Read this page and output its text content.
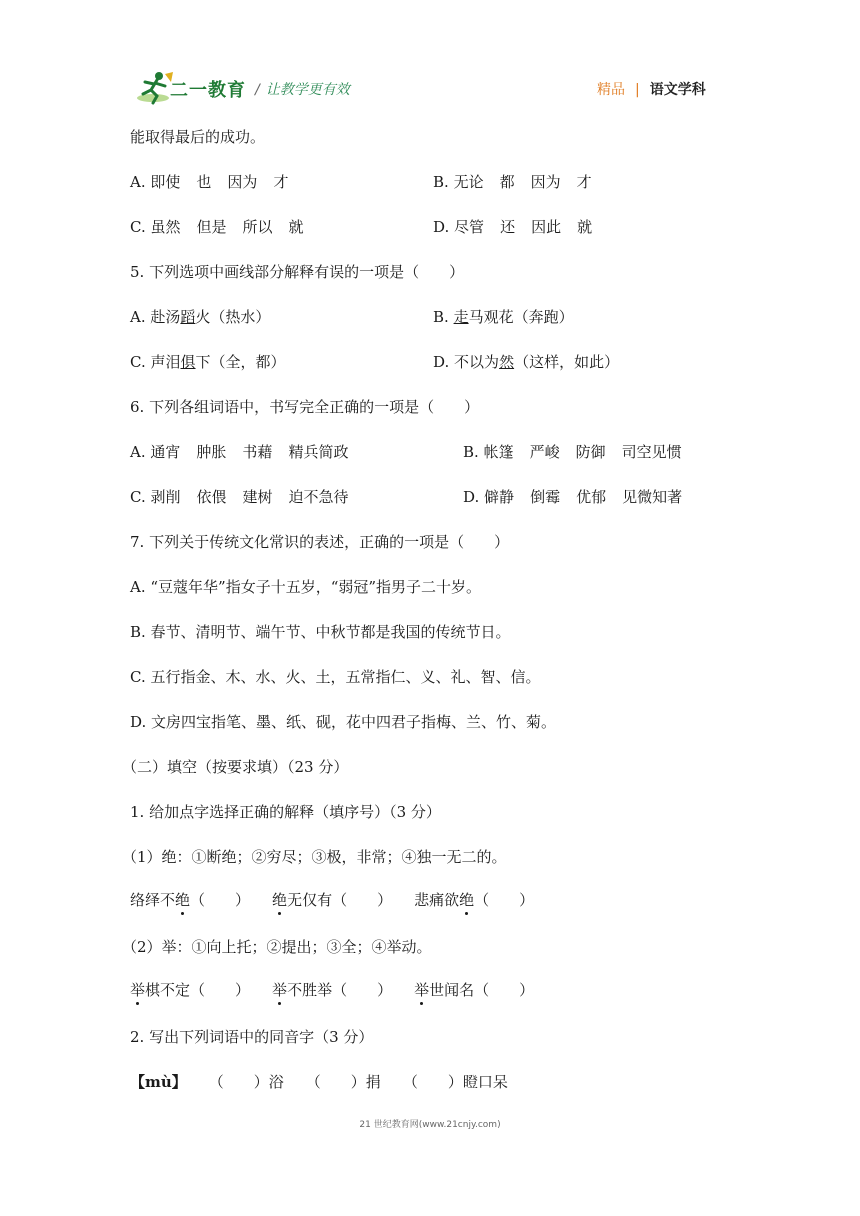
二一教育 / 让教学更有效	精品 | 语文学科
能取得最后的成功。
A. 即使 也 因为 才	B. 无论 都 因为 才
C. 虽然 但是 所以 就	D. 尽管 还 因此 就
5. 下列选项中画线部分解释有误的一项是（　　）
A. 赴汤蹈火（热水）	B. 走马观花（奔跑）
C. 声泪俱下（全，都）	D. 不以为然（这样，如此）
6. 下列各组词语中，书写完全正确的一项是（　　）
A. 通宵 肿胀 书藉 精兵简政	B. 帐篷 严峻 防御 司空见惯
C. 剥削 依偎 建树 迫不急待	D. 僻静 倒霉 优郁 见微知著
7. 下列关于传统文化常识的表述，正确的一项是（　　）
A. “豆蔻年华”指女子十五岁，“弱冠”指男子二十岁。
B. 春节、清明节、端午节、中秋节都是我国的传统节日。
C. 五行指金、木、水、火、土，五常指仁、义、礼、智、信。
D. 文房四宝指笔、墨、纸、砚，花中四君子指梅、兰、竹、菊。
（二）填空（按要求填）（23 分）
1. 给加点字选择正确的解释（填序号）（3 分）
（1）绝：①断绝；②穷尽；③极，非常；④独一无二的。
络绎不绝（　　） 绝无仅有（　　） 悲痛欲绝（　　）
（2）举：①向上托；②提出；③全；④举动。
举棋不定（　　） 举不胜举（　　） 举世闻名（　　）
2. 写出下列词语中的同音字（3 分）
【mù】 （　　）浴 （　　）捐 （　　）瞪口呆
21 世纪教育网(www.21cnjy.com)
